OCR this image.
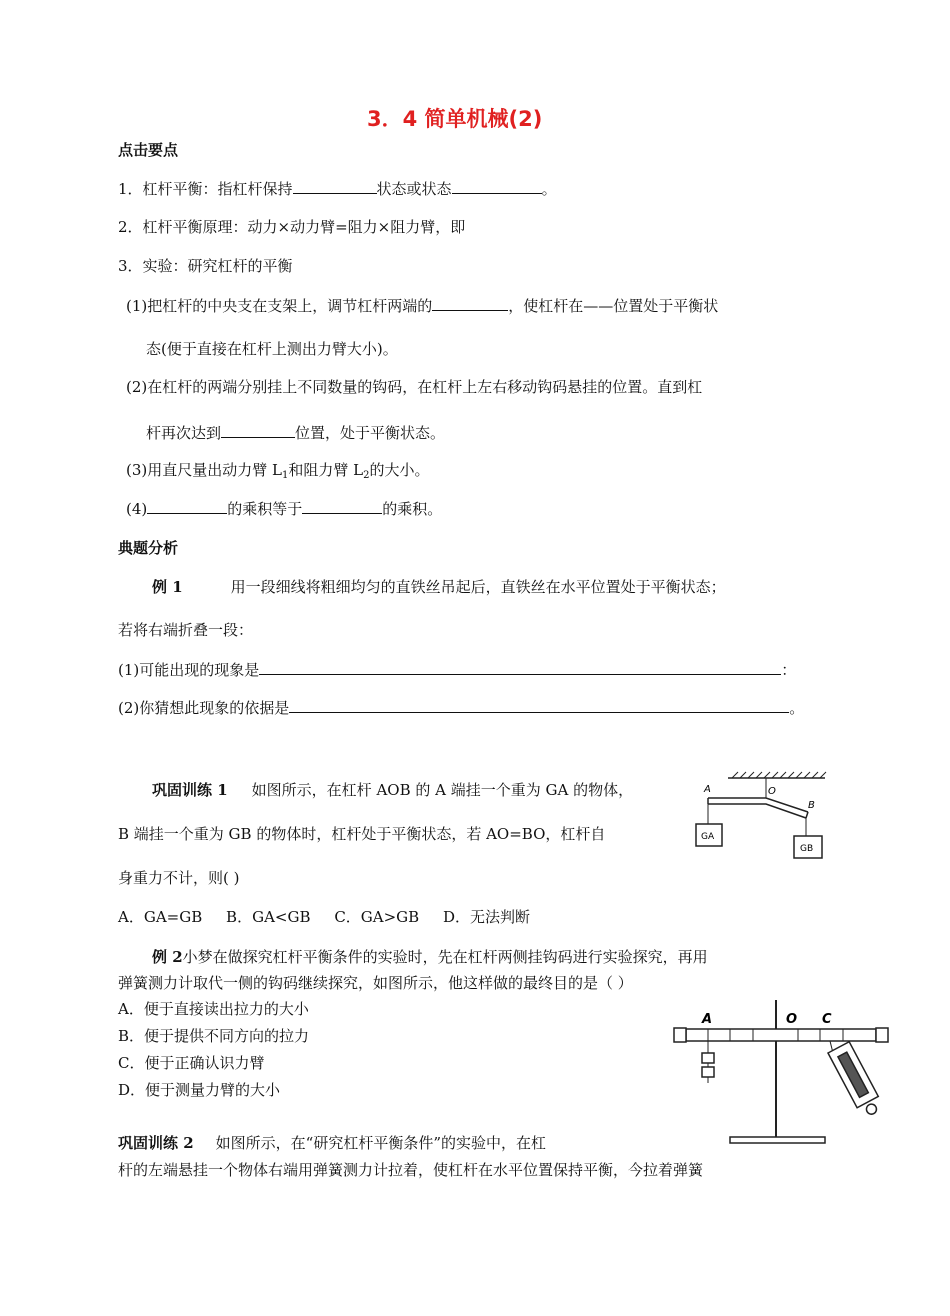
3．4 简单机械(2)
点击要点
1．杠杆平衡：指杠杆保持	状态或状态	。
2．杠杆平衡原理：动力×动力臂=阻力×阻力臂，即
3．实验：研究杠杆的平衡
(1)把杠杆的中央支在支架上，调节杠杆两端的	，使杠杆在——位置处于平衡状
态(便于直接在杠杆上测出力臂大小)。
(2)在杠杆的两端分别挂上不同数量的钩码，在杠杆上左右移动钩码悬挂的位置。直到杠
杆再次达到	位置，处于平衡状态。
(3)用直尺量出动力臂 $L_1$和阻力臂 $L_2$的大小。
(4)	的乘积等于	的乘积。
典题分析
例 1	用一段细线将粗细均匀的直铁丝吊起后，直铁丝在水平位置处于平衡状态；
若将右端折叠一段：
(1)可能出现的现象是	：
(2)你猜想此现象的依据是	。
巩固训练 1 如图所示，在杠杆 AOB 的 A 端挂一个重为 GA 的物体，
B 端挂一个重为 GB 的物体时，杠杆处于平衡状态，若 AO=BO，杠杆自
身重力不计，则( )
A．GA=GB     B．GA<GB     C．GA>GB     D．无法判断
A	O
B
GA
GB
例 2小梦在做探究杠杆平衡条件的实验时，先在杠杆两侧挂钩码进行实验探究，再用
弹簧测力计取代一侧的钩码继续探究，如图所示，他这样做的最终目的是（ ）
A．便于直接读出拉力的大小
B．便于提供不同方向的拉力
C．便于正确认识力臂
D．便于测量力臂的大小
A	O C
巩固训练 2 如图所示，在“研究杠杆平衡条件”的实验中，在杠
杆的左端悬挂一个物体右端用弹簧测力计拉着，使杠杆在水平位置保持平衡，今拉着弹簧
